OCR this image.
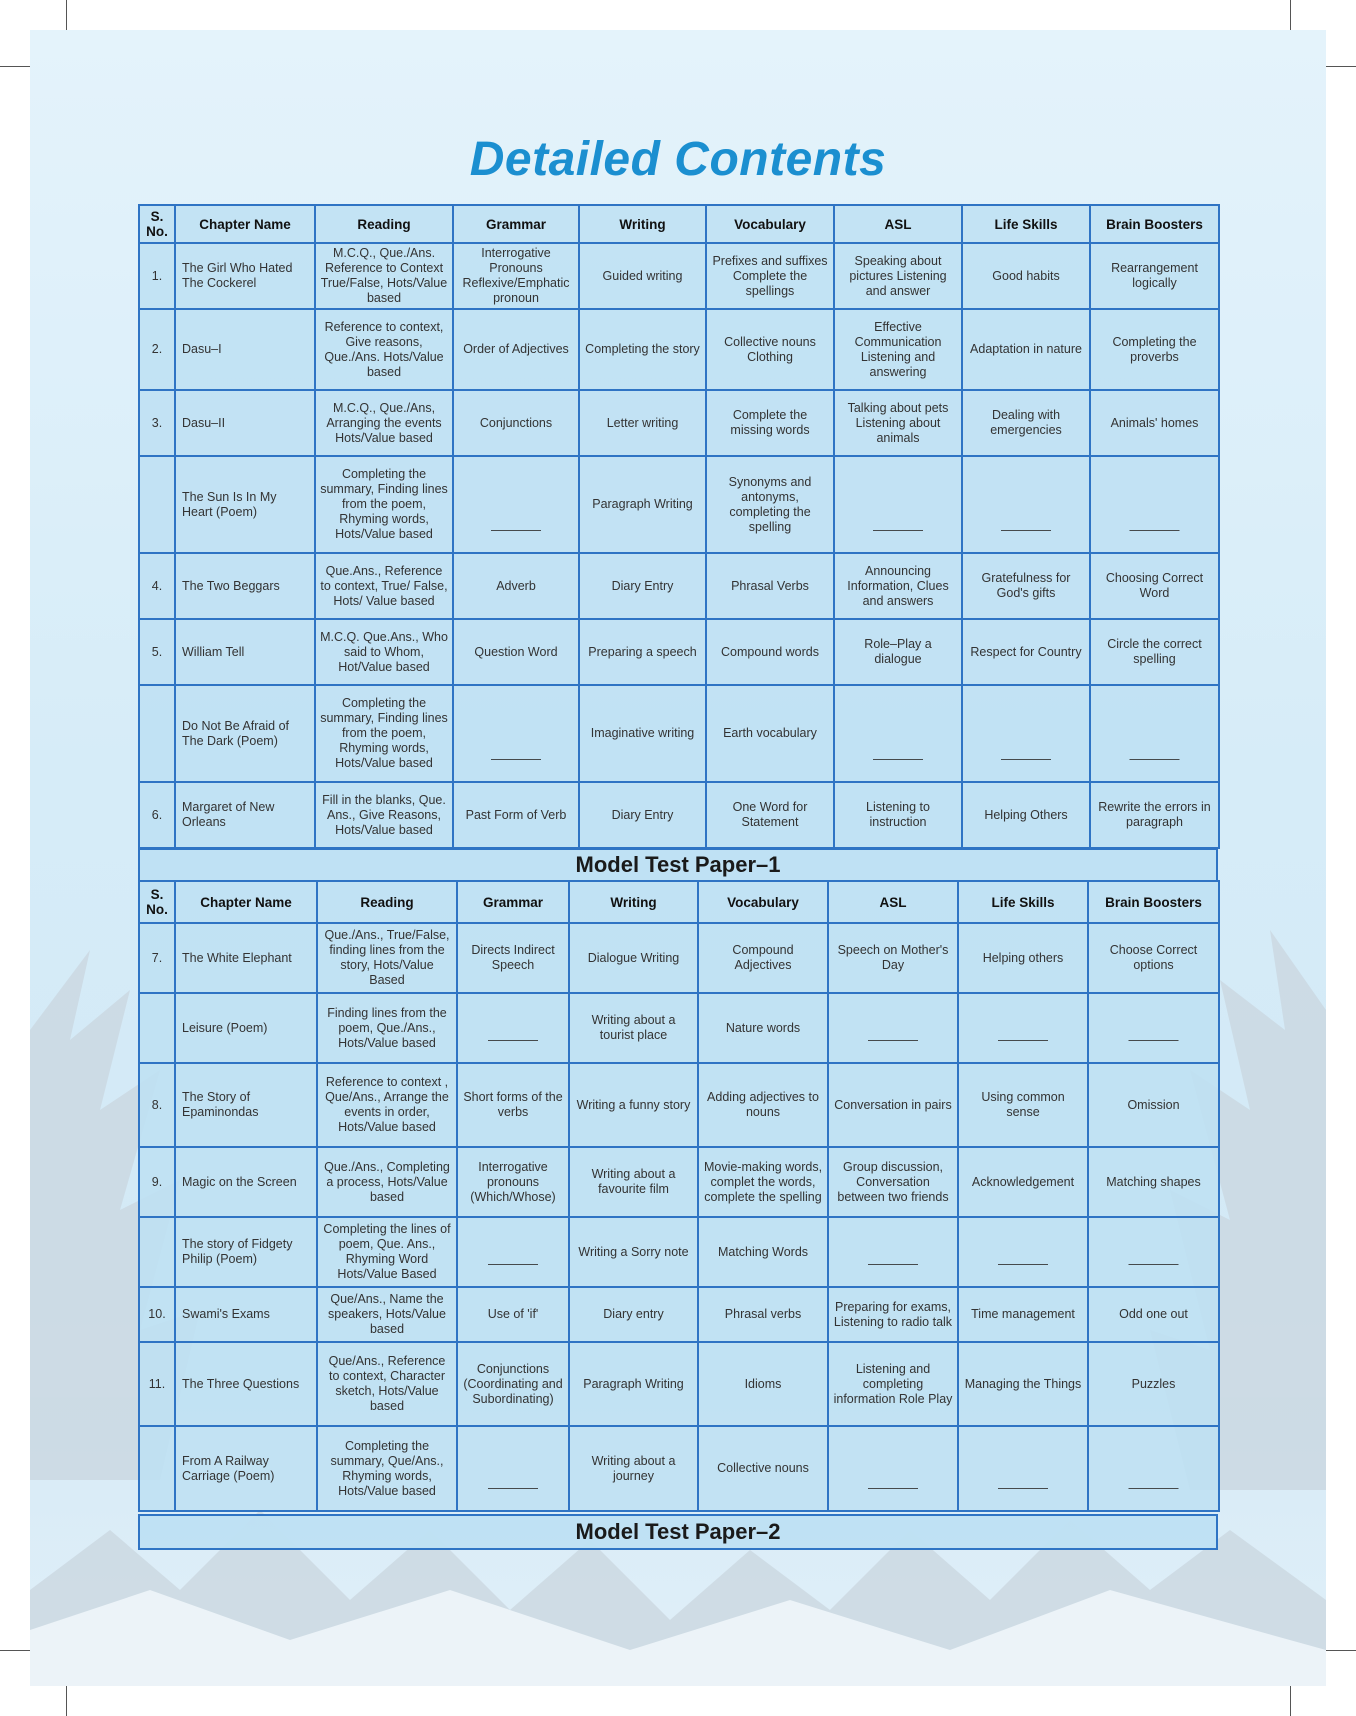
Detailed Contents
S. No.	Chapter Name	Reading	Grammar	Writing	Vocabulary	ASL	Life Skills	Brain Boosters
1.	The Girl Who Hated The Cockerel	M.C.Q., Que./Ans. Reference to Context True/False, Hots/Value based	Interrogative Pronouns Reflexive/Emphatic pronoun	Guided writing	Prefixes and suffixes Complete the spellings	Speaking about pictures Listening and answer	Good habits	Rearrangement logically
2.	Dasu–I	Reference to context, Give reasons, Que./Ans. Hots/Value based	Order of Adjectives	Completing the story	Collective nouns Clothing	Effective Communication Listening and answering	Adaptation in nature	Completing the proverbs
3.	Dasu–II	M.C.Q., Que./Ans, Arranging the events Hots/Value based	Conjunctions	Letter writing	Complete the missing words	Talking about pets Listening about animals	Dealing with emergencies	Animals' homes
	The Sun Is In My Heart (Poem)	Completing the summary, Finding lines from the poem, Rhyming words, Hots/Value based	————	Paragraph Writing	Synonyms and antonyms, completing the spelling	————	————	————
4.	The Two Beggars	Que.Ans., Reference to context, True/ False, Hots/ Value based	Adverb	Diary Entry	Phrasal Verbs	Announcing Information, Clues and answers	Gratefulness for God's gifts	Choosing Correct Word
5.	William Tell	M.C.Q. Que.Ans., Who said to Whom, Hot/Value based	Question Word	Preparing a speech	Compound words	Role–Play a dialogue	Respect for Country	Circle the correct spelling
	Do Not Be Afraid of The Dark (Poem)	Completing the summary, Finding lines from the poem, Rhyming words, Hots/Value based	————	Imaginative writing	Earth vocabulary	————	————	————
6.	Margaret of New Orleans	Fill in the blanks, Que. Ans., Give Reasons, Hots/Value based	Past Form of Verb	Diary Entry	One Word for Statement	Listening to instruction	Helping Others	Rewrite the errors in paragraph
Model Test Paper–1
S. No.	Chapter Name	Reading	Grammar	Writing	Vocabulary	ASL	Life Skills	Brain Boosters
7.	The White Elephant	Que./Ans., True/False, finding lines from the story, Hots/Value Based	Directs Indirect Speech	Dialogue Writing	Compound Adjectives	Speech on Mother's Day	Helping others	Choose Correct options
	Leisure (Poem)	Finding lines from the poem, Que./Ans., Hots/Value based	————	Writing about a tourist place	Nature words	————	————	————
8.	The Story of Epaminondas	Reference to context , Que/Ans., Arrange the events in order, Hots/Value based	Short forms of the verbs	Writing a funny story	Adding adjectives to nouns	Conversation in pairs	Using common sense	Omission
9.	Magic on the Screen	Que./Ans., Completing a process, Hots/Value based	Interrogative pronouns (Which/Whose)	Writing about a favourite film	Movie-making words, complet the words, complete the spelling	Group discussion, Conversation between two friends	Acknowledgement	Matching shapes
	The story of Fidgety Philip (Poem)	Completing the lines of poem, Que. Ans., Rhyming Word Hots/Value Based	————	Writing a Sorry note	Matching Words	————	————	————
10.	Swami's Exams	Que/Ans., Name the speakers, Hots/Value based	Use of 'if'	Diary entry	Phrasal verbs	Preparing for exams, Listening to radio talk	Time management	Odd one out
11.	The Three Questions	Que/Ans., Reference to context, Character sketch, Hots/Value based	Conjunctions (Coordinating and Subordinating)	Paragraph Writing	Idioms	Listening and completing information Role Play	Managing the Things	Puzzles
	From A Railway Carriage (Poem)	Completing the summary, Que/Ans., Rhyming words, Hots/Value based	————	Writing about a journey	Collective nouns	————	————	————
Model Test Paper–2
